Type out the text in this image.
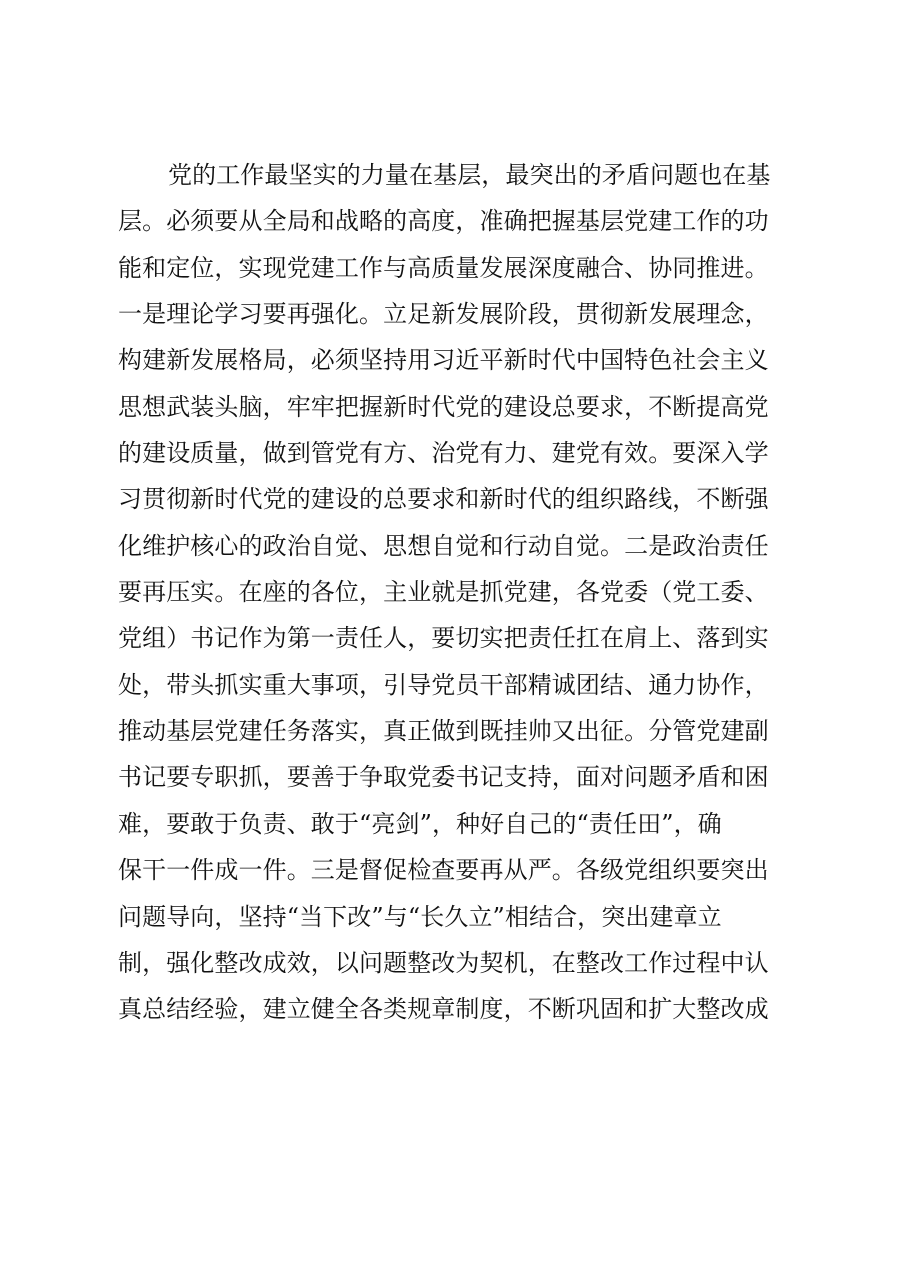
党的工作最坚实的力量在基层，最突出的矛盾问题也在基
层。必须要从全局和战略的高度，准确把握基层党建工作的功
能和定位，实现党建工作与高质量发展深度融合、协同推进。
一是理论学习要再强化。立足新发展阶段，贯彻新发展理念，
构建新发展格局，必须坚持用习近平新时代中国特色社会主义
思想武装头脑，牢牢把握新时代党的建设总要求，不断提高党
的建设质量，做到管党有方、治党有力、建党有效。要深入学
习贯彻新时代党的建设的总要求和新时代的组织路线，不断强
化维护核心的政治自觉、思想自觉和行动自觉。二是政治责任
要再压实。在座的各位，主业就是抓党建，各党委（党工委、
党组）书记作为第一责任人，要切实把责任扛在肩上、落到实
处，带头抓实重大事项，引导党员干部精诚团结、通力协作，
推动基层党建任务落实，真正做到既挂帅又出征。分管党建副
书记要专职抓，要善于争取党委书记支持，面对问题矛盾和困
难，要敢于负责、敢于“亮剑”，种好自己的“责任田”，确
保干一件成一件。三是督促检查要再从严。各级党组织要突出
问题导向，坚持“当下改”与“长久立”相结合，突出建章立
制，强化整改成效，以问题整改为契机，在整改工作过程中认
真总结经验，建立健全各类规章制度，不断巩固和扩大整改成
